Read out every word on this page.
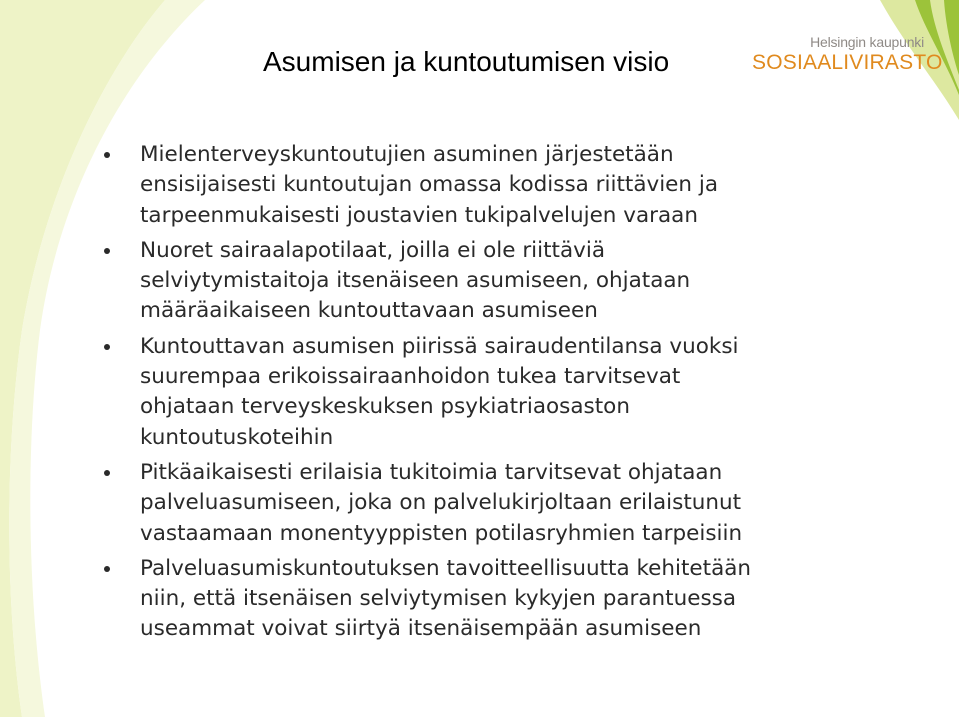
Asumisen ja kuntoutumisen visio
Helsingin kaupunki
SOSIAALIVIRASTO
Mielenterveyskuntoutujien asuminen järjestetään
ensisijaisesti kuntoutujan omassa kodissa riittävien ja
tarpeenmukaisesti joustavien tukipalvelujen varaan
Nuoret sairaalapotilaat, joilla ei ole riittäviä
selviytymistaitoja itsenäiseen asumiseen, ohjataan
määräaikaiseen kuntouttavaan asumiseen
Kuntouttavan asumisen piirissä sairaudentilansa vuoksi
suurempaa erikoissairaanhoidon tukea tarvitsevat
ohjataan terveyskeskuksen psykiatriaosaston
kuntoutuskoteihin
Pitkäaikaisesti erilaisia tukitoimia tarvitsevat ohjataan
palveluasumiseen, joka on palvelukirjoltaan erilaistunut
vastaamaan monentyyppisten potilasryhmien tarpeisiin
Palveluasumiskuntoutuksen tavoitteellisuutta kehitetään
niin, että itsenäisen selviytymisen kykyjen parantuessa
useammat voivat siirtyä itsenäisempään asumiseen
